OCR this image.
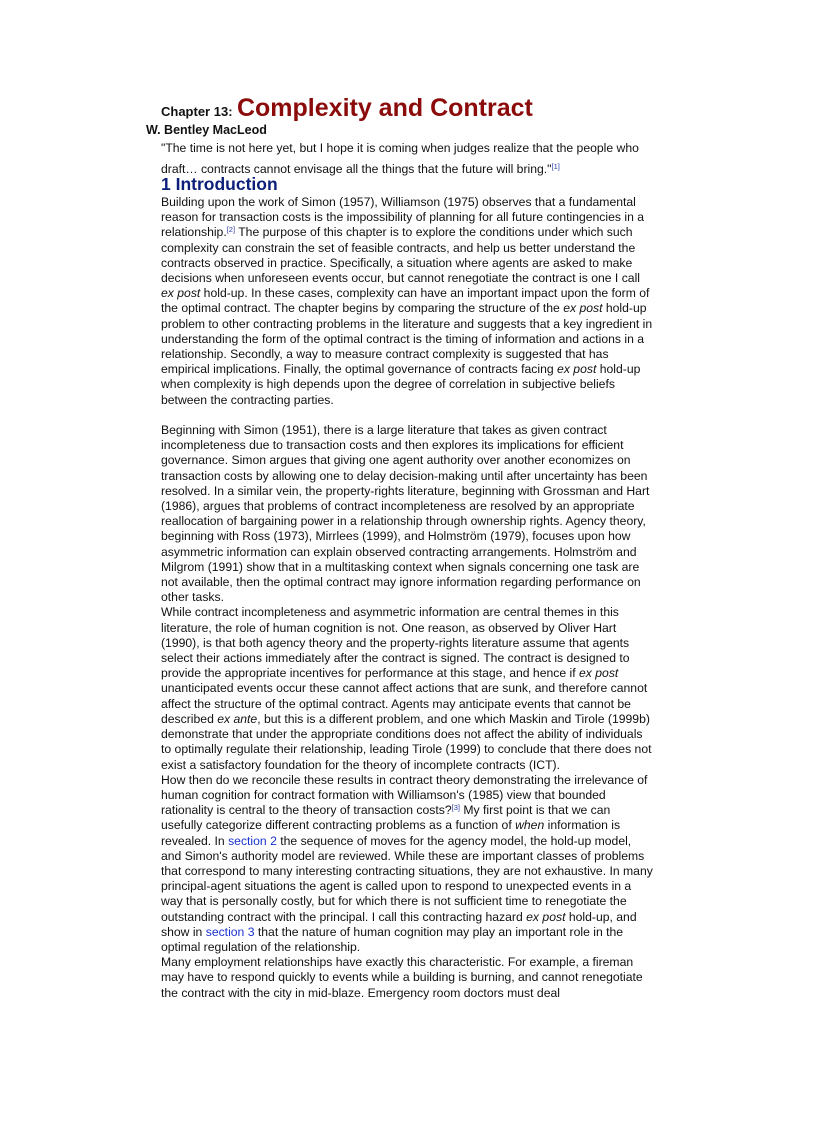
Chapter 13: Complexity and Contract
W. Bentley MacLeod
"The time is not here yet, but I hope it is coming when judges realize that the people who draft… contracts cannot envisage all the things that the future will bring."[1]
1 Introduction

Building upon the work of Simon (1957), Williamson (1975) observes that a fundamental reason for transaction costs is the impossibility of planning for all future contingencies in a relationship.[2] The purpose of this chapter is to explore the conditions under which such complexity can constrain the set of feasible contracts, and help us better understand the contracts observed in practice. Specifically, a situation where agents are asked to make decisions when unforeseen events occur, but cannot renegotiate the contract is one I call ex post hold-up. In these cases, complexity can have an important impact upon the form of the optimal contract. The chapter begins by comparing the structure of the ex post hold-up problem to other contracting problems in the literature and suggests that a key ingredient in understanding the form of the optimal contract is the timing of information and actions in a relationship. Secondly, a way to measure contract complexity is suggested that has empirical implications. Finally, the optimal governance of contracts facing ex post hold-up when complexity is high depends upon the degree of correlation in subjective beliefs between the contracting parties.

Beginning with Simon (1951), there is a large literature that takes as given contract incompleteness due to transaction costs and then explores its implications for efficient governance. Simon argues that giving one agent authority over another economizes on transaction costs by allowing one to delay decision-making until after uncertainty has been resolved. In a similar vein, the property-rights literature, beginning with Grossman and Hart (1986), argues that problems of contract incompleteness are resolved by an appropriate reallocation of bargaining power in a relationship through ownership rights. Agency theory, beginning with Ross (1973), Mirrlees (1999), and Holmström (1979), focuses upon how asymmetric information can explain observed contracting arrangements. Holmström and Milgrom (1991) show that in a multitasking context when signals concerning one task are not available, then the optimal contract may ignore information regarding performance on other tasks.

While contract incompleteness and asymmetric information are central themes in this literature, the role of human cognition is not. One reason, as observed by Oliver Hart (1990), is that both agency theory and the property-rights literature assume that agents select their actions immediately after the contract is signed. The contract is designed to provide the appropriate incentives for performance at this stage, and hence if ex post unanticipated events occur these cannot affect actions that are sunk, and therefore cannot affect the structure of the optimal contract. Agents may anticipate events that cannot be described ex ante, but this is a different problem, and one which Maskin and Tirole (1999b) demonstrate that under the appropriate conditions does not affect the ability of individuals to optimally regulate their relationship, leading Tirole (1999) to conclude that there does not exist a satisfactory foundation for the theory of incomplete contracts (ICT).

How then do we reconcile these results in contract theory demonstrating the irrelevance of human cognition for contract formation with Williamson's (1985) view that bounded rationality is central to the theory of transaction costs?[3] My first point is that we can usefully categorize different contracting problems as a function of when information is revealed. In section 2 the sequence of moves for the agency model, the hold-up model, and Simon's authority model are reviewed. While these are important classes of problems that correspond to many interesting contracting situations, they are not exhaustive. In many principal-agent situations the agent is called upon to respond to unexpected events in a way that is personally costly, but for which there is not sufficient time to renegotiate the outstanding contract with the principal. I call this contracting hazard ex post hold-up, and show in section 3 that the nature of human cognition may play an important role in the optimal regulation of the relationship.

Many employment relationships have exactly this characteristic. For example, a fireman may have to respond quickly to events while a building is burning, and cannot renegotiate the contract with the city in mid-blaze. Emergency room doctors must deal
